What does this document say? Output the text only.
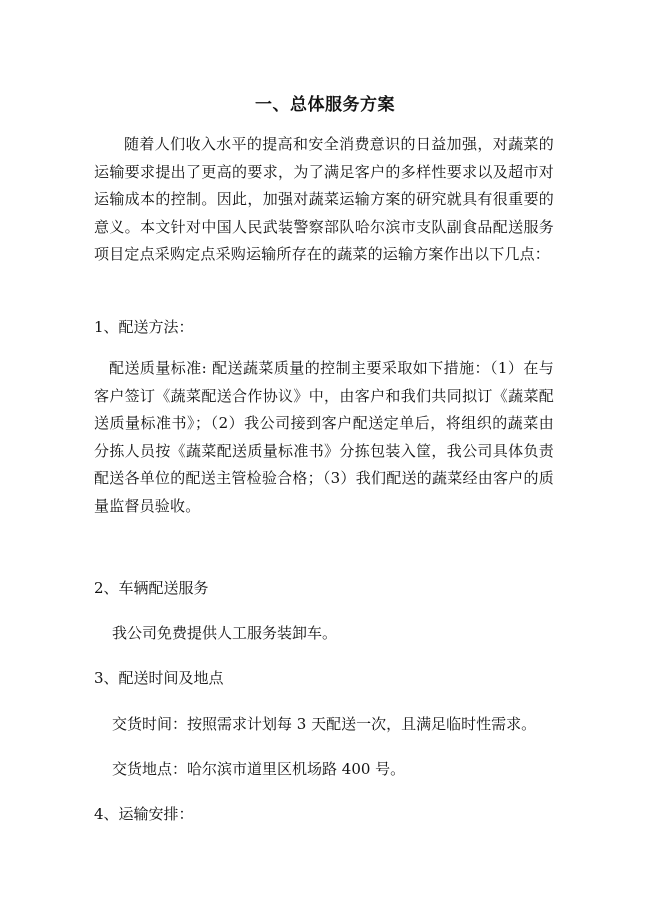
一、总体服务方案

随着人们收入水平的提高和安全消费意识的日益加强，对蔬菜的运输要求提出了更高的要求，为了满足客户的多样性要求以及超市对运输成本的控制。因此，加强对蔬菜运输方案的研究就具有很重要的意义。本文针对中国人民武装警察部队哈尔滨市支队副食品配送服务项目定点采购定点采购运输所存在的蔬菜的运输方案作出以下几点：

1、配送方法：

配送质量标准: 配送蔬菜质量的控制主要采取如下措施：（1）在与客户签订《蔬菜配送合作协议》中，由客户和我们共同拟订《蔬菜配送质量标准书》；（2）我公司接到客户配送定单后，将组织的蔬菜由分拣人员按《蔬菜配送质量标准书》分拣包装入筐，我公司具体负责配送各单位的配送主管检验合格；（3）我们配送的蔬菜经由客户的质量监督员验收。

2、车辆配送服务

我公司免费提供人工服务装卸车。

3、配送时间及地点

交货时间：按照需求计划每 3 天配送一次，且满足临时性需求。

交货地点：哈尔滨市道里区机场路 400 号。

4、运输安排：
